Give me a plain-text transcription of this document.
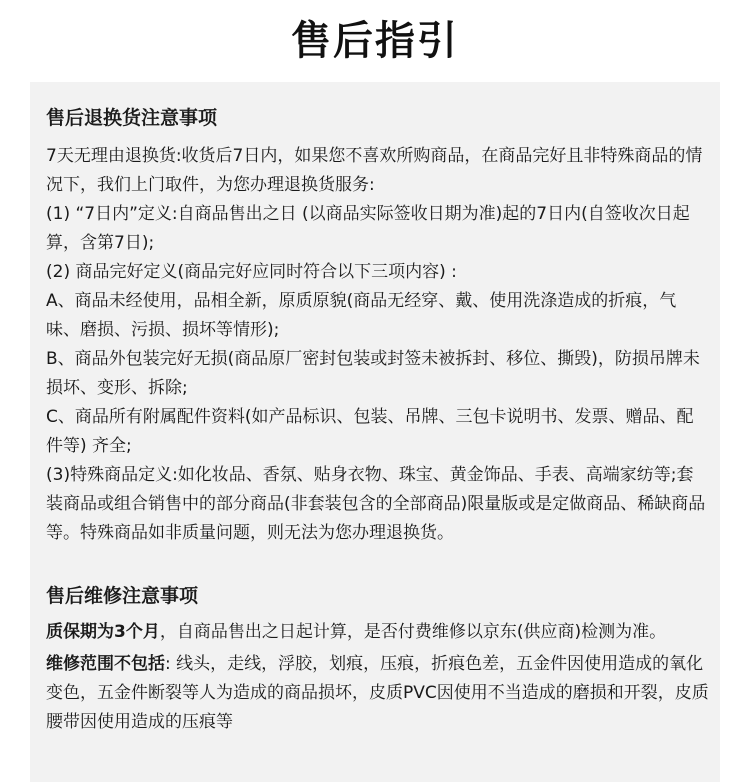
售后指引
售后退换货注意事项
7天无理由退换货:收货后7日内，如果您不喜欢所购商品，在商品完好且非特殊商品的情况下，我们上门取件，为您办理退换货服务:
(1) “7日内”定义:自商品售出之日 (以商品实际签收日期为准)起的7日内(自签收次日起算，含第7日);
(2) 商品完好定义(商品完好应同时符合以下三项内容) :
A、商品未经使用，品相全新，原质原貌(商品无经穿、戴、使用洗涤造成的折痕，气味、磨损、污损、损坏等情形);
B、商品外包装完好无损(商品原厂密封包装或封签未被拆封、移位、撕毁)，防损吊牌未损坏、变形、拆除;
C、商品所有附属配件资料(如产品标识、包装、吊牌、三包卡说明书、发票、赠品、配件等) 齐全;
(3)特殊商品定义:如化妆品、香氛、贴身衣物、珠宝、黄金饰品、手表、高端家纺等;套装商品或组合销售中的部分商品(非套装包含的全部商品)限量版或是定做商品、稀缺商品等。特殊商品如非质量问题，则无法为您办理退换货。
售后维修注意事项
质保期为3个月，自商品售出之日起计算，是否付费维修以京东(供应商)检测为准。
维修范围不包括: 线头，走线，浮胶，划痕，压痕，折痕色差，五金件因使用造成的氧化变色，五金件断裂等人为造成的商品损坏，皮质PVC因使用不当造成的磨损和开裂，皮质腰带因使用造成的压痕等
